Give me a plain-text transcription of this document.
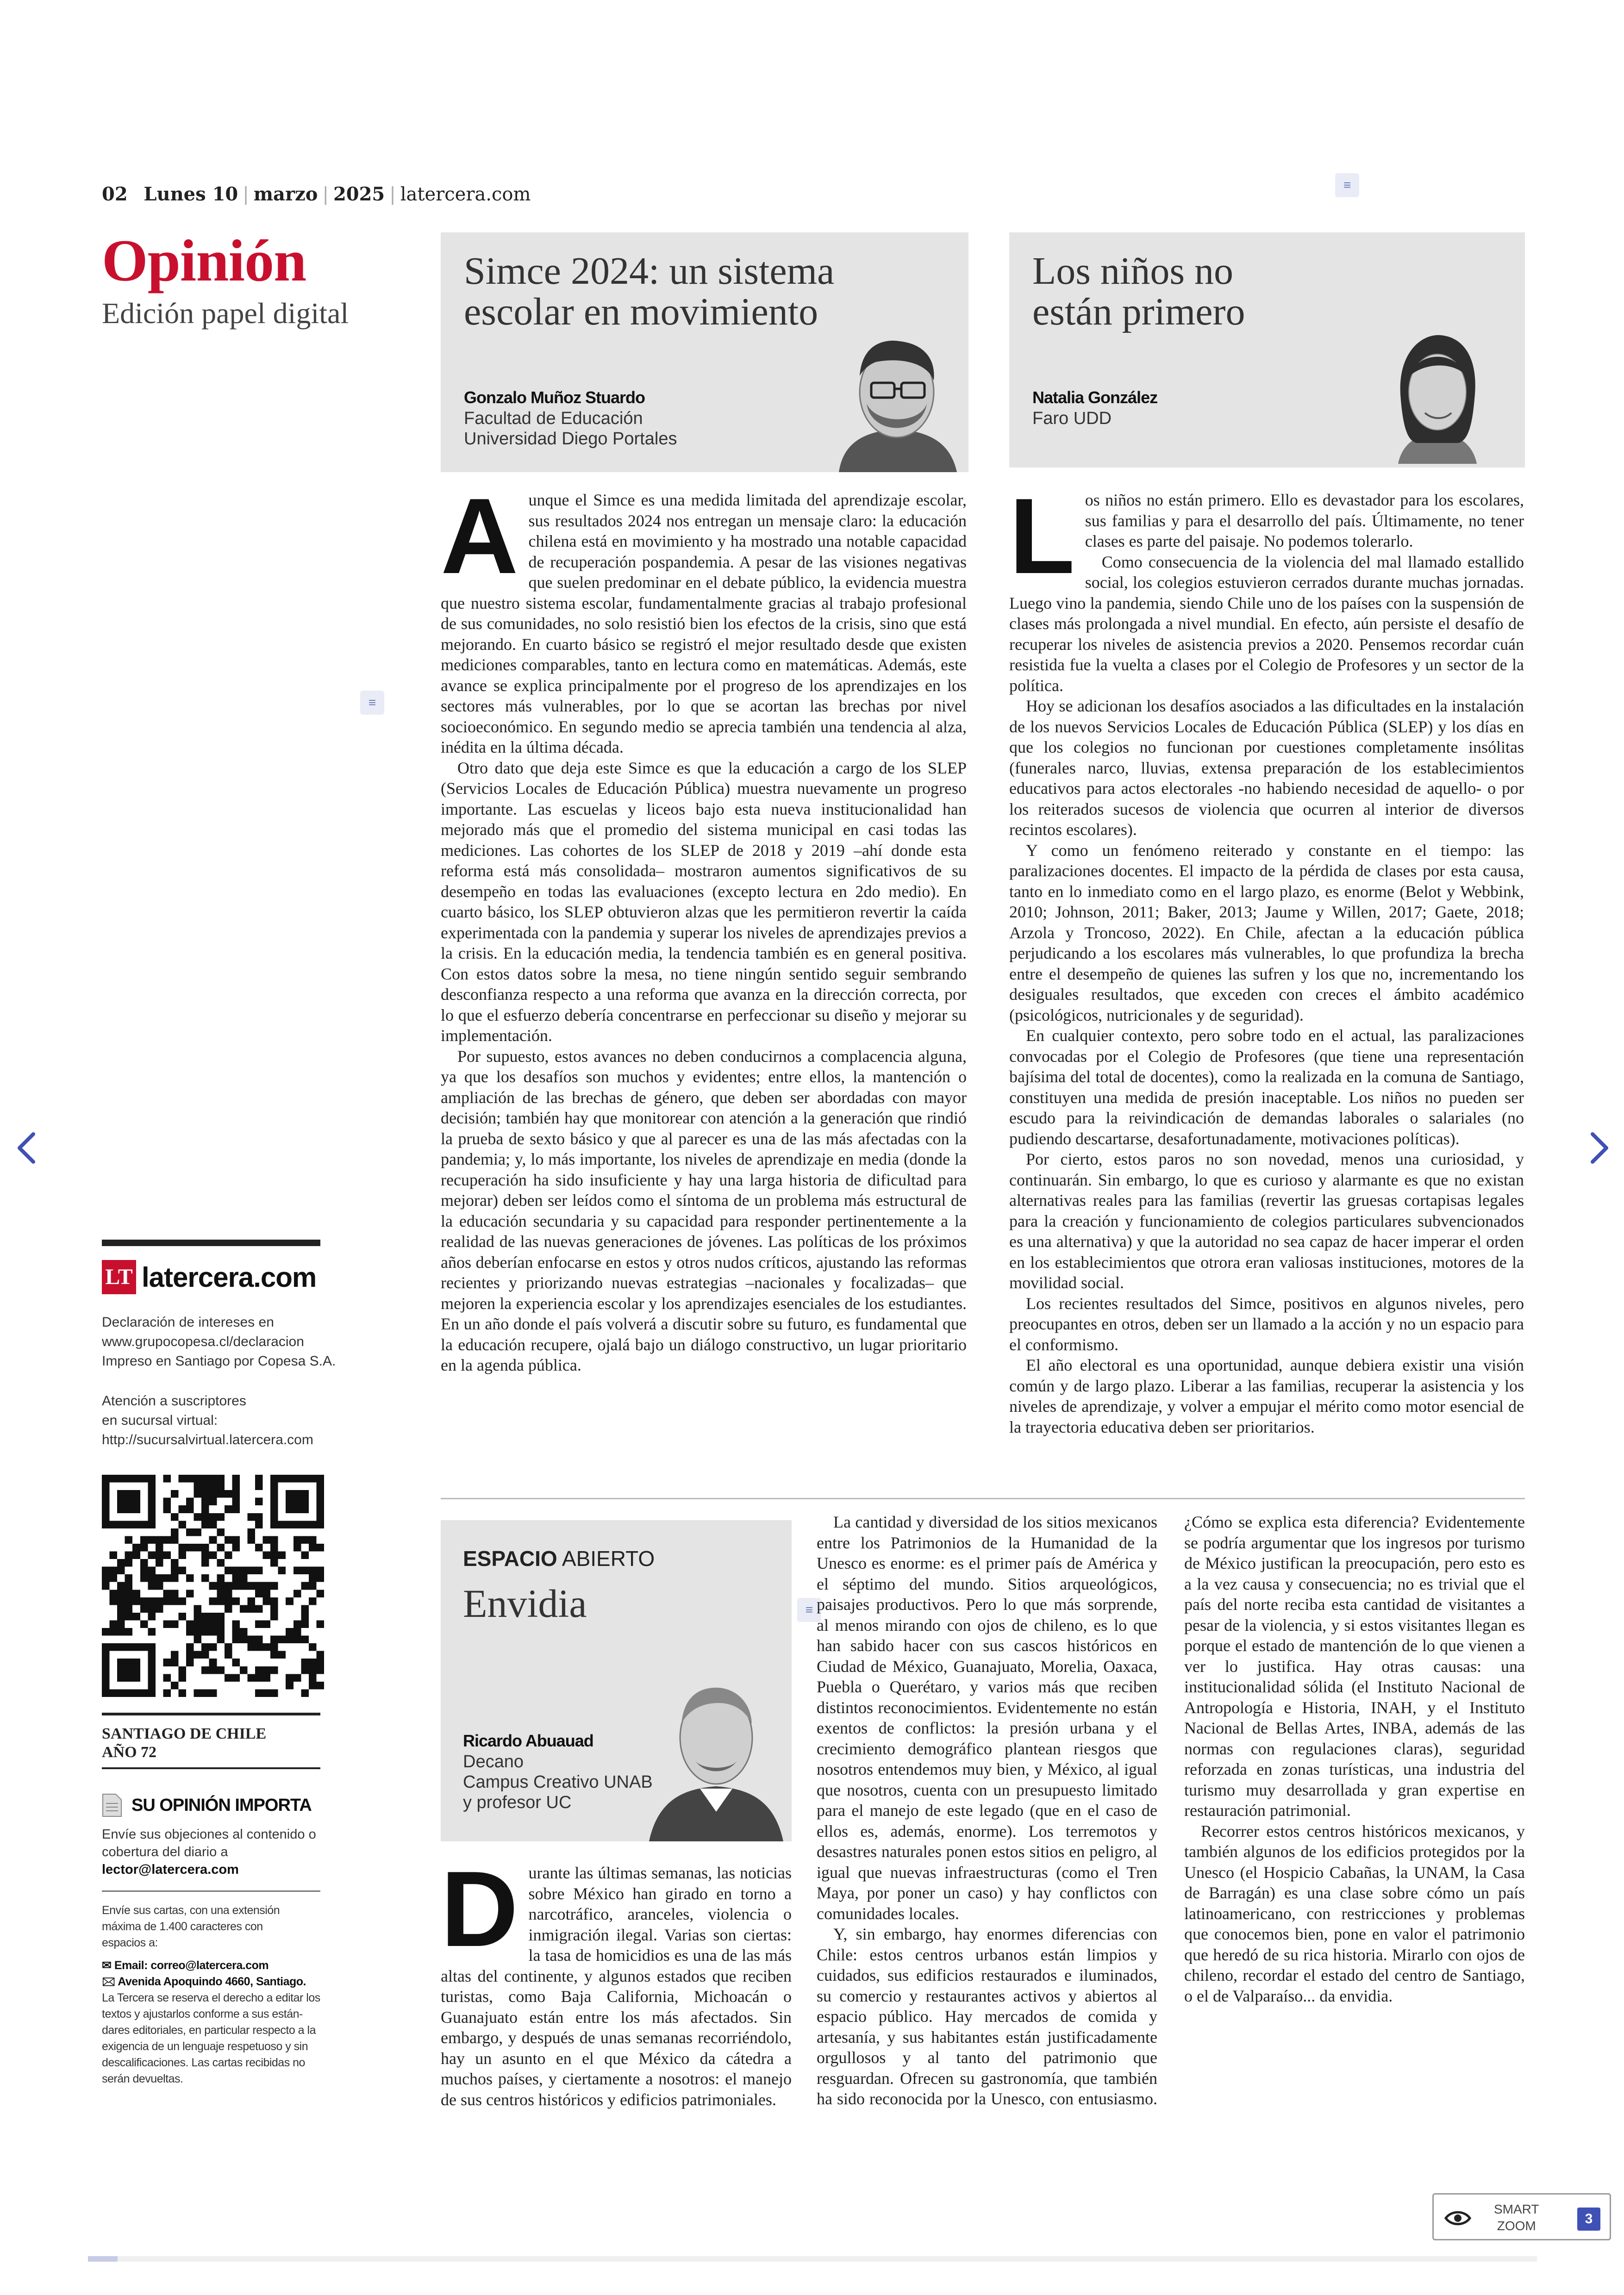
02 Lunes 10 | marzo | 2025 | latercera.com	≡
Opinión
Edición papel digital
Simce 2024: un sistema
escolar en movimiento
Gonzalo Muñoz Stuardo
Facultad de Educación
Universidad Diego Portales
Los niños no
están primero
Natalia González
Faro UDD

Aunque el Simce es una medida limitada del aprendizaje escolar, sus resultados 2024 nos entregan un mensaje claro: la educación chilena está en movimiento y ha mostrado una notable capacidad de recuperación pospandemia. A pesar de las visiones negativas que suelen predominar en el debate público, la evidencia muestra que nuestro sistema escolar, fundamentalmente gracias al trabajo profesional de sus comunidades, no solo resistió bien los efectos de la crisis, sino que está mejorando. En cuarto básico se registró el mejor resultado desde que existen mediciones comparables, tanto en lectura como en matemáticas. Además, este avance se explica principalmente por el progreso de los aprendizajes en los sectores más vulnerables, por lo que se acortan las brechas por nivel socioeconómico. En segundo medio se aprecia también una tendencia al alza, inédita en la última década.

Otro dato que deja este Simce es que la educación a cargo de los SLEP (Servicios Locales de Educación Pública) muestra nuevamente un progreso importante. Las escuelas y liceos bajo esta nueva institucionalidad han mejorado más que el promedio del sistema municipal en casi todas las mediciones. Las cohortes de los SLEP de 2018 y 2019 –ahí donde esta reforma está más consolidada– mostraron aumentos significativos de su desempeño en todas las evaluaciones (excepto lectura en 2do medio). En cuarto básico, los SLEP obtuvieron alzas que les permitieron revertir la caída experimentada con la pandemia y superar los niveles de aprendizajes previos a la crisis. En la educación media, la tendencia también es en general positiva. Con estos datos sobre la mesa, no tiene ningún sentido seguir sembrando desconfianza respecto a una reforma que avanza en la dirección correcta, por lo que el esfuerzo debería concentrarse en perfeccionar su diseño y mejorar su implementación.

Por supuesto, estos avances no deben conducirnos a complacencia alguna, ya que los desafíos son muchos y evidentes; entre ellos, la mantención o ampliación de las brechas de género, que deben ser abordadas con mayor decisión; también hay que monitorear con atención a la generación que rindió la prueba de sexto básico y que al parecer es una de las más afectadas con la pandemia; y, lo más importante, los niveles de aprendizaje en media (donde la recuperación ha sido insuficiente y hay una larga historia de dificultad para mejorar) deben ser leídos como el síntoma de un problema más estructural de la educación secundaria y su capacidad para responder pertinentemente a la realidad de las nuevas generaciones de jóvenes. Las políticas de los próximos años deberían enfocarse en estos y otros nudos críticos, ajustando las reformas recientes y priorizando nuevas estrategias –nacionales y focalizadas– que mejoren la experiencia escolar y los aprendizajes esenciales de los estudiantes. En un año donde el país volverá a discutir sobre su futuro, es fundamental que la educación recupere, ojalá bajo un diálogo constructivo, un lugar prioritario en la agenda pública.

≡

Los niños no están primero. Ello es devastador para los escolares, sus familias y para el desarrollo del país. Últimamente, no tener clases es parte del paisaje. No podemos tolerarlo.

Como consecuencia de la violencia del mal llamado estallido social, los colegios estuvieron cerrados durante muchas jornadas. Luego vino la pandemia, siendo Chile uno de los países con la suspensión de clases más prolongada a nivel mundial. En efecto, aún persiste el desafío de recuperar los niveles de asistencia previos a 2020. Pensemos recordar cuán resistida fue la vuelta a clases por el Colegio de Profesores y un sector de la política.

Hoy se adicionan los desafíos asociados a las dificultades en la instalación de los nuevos Servicios Locales de Educación Pública (SLEP) y los días en que los colegios no funcionan por cuestiones completamente insólitas (funerales narco, lluvias, extensa preparación de los establecimientos educativos para actos electorales -no habiendo necesidad de aquello- o por los reiterados sucesos de violencia que ocurren al interior de diversos recintos escolares).

Y como un fenómeno reiterado y constante en el tiempo: las paralizaciones docentes. El impacto de la pérdida de clases por esta causa, tanto en lo inmediato como en el largo plazo, es enorme (Belot y Webbink, 2010; Johnson, 2011; Baker, 2013; Jaume y Willen, 2017; Gaete, 2018; Arzola y Troncoso, 2022). En Chile, afectan a la educación pública perjudicando a los escolares más vulnerables, lo que profundiza la brecha entre el desempeño de quienes las sufren y los que no, incrementando los desiguales resultados, que exceden con creces el ámbito académico (psicológicos, nutricionales y de seguridad).

En cualquier contexto, pero sobre todo en el actual, las paralizaciones convocadas por el Colegio de Profesores (que tiene una representación bajísima del total de docentes), como la realizada en la comuna de Santiago, constituyen una medida de presión inaceptable. Los niños no pueden ser escudo para la reivindicación de demandas laborales o salariales (no pudiendo descartarse, desafortunadamente, motivaciones políticas).

Por cierto, estos paros no son novedad, menos una curiosidad, y continuarán. Sin embargo, lo que es curioso y alarmante es que no existan alternativas reales para las familias (revertir las gruesas cortapisas legales para la creación y funcionamiento de colegios particulares subvencionados es una alternativa) y que la autoridad no sea capaz de hacer imperar el orden en los establecimientos que otrora eran valiosas instituciones, motores de la movilidad social.

Los recientes resultados del Simce, positivos en algunos niveles, pero preocupantes en otros, deben ser un llamado a la acción y no un espacio para el conformismo.

El año electoral es una oportunidad, aunque debiera existir una visión común y de largo plazo. Liberar a las familias, recuperar la asistencia y los niveles de aprendizaje, y volver a empujar el mérito como motor esencial de la trayectoria educativa deben ser prioritarios.

ESPACIO ABIERTO
Envidia
Ricardo Abuauad
Decano
Campus Creativo UNAB
y profesor UC
≡

Durante las últimas semanas, las noticias sobre México han girado en torno a narcotráfico, aranceles, violencia o inmigración ilegal. Varias son ciertas: la tasa de homicidios es una de las más altas del continente, y algunos estados que reciben turistas, como Baja California, Michoacán o Guanajuato están entre los más afectados. Sin embargo, y después de unas semanas recorriéndolo, hay un asunto en el que México da cátedra a muchos países, y ciertamente a nosotros: el manejo de sus centros históricos y edificios patrimoniales.

La cantidad y diversidad de los sitios mexicanos entre los Patrimonios de la Humanidad de la Unesco es enorme: es el primer país de América y el séptimo del mundo. Sitios arqueológicos, paisajes productivos. Pero lo que más sorprende, al menos mirando con ojos de chileno, es lo que han sabido hacer con sus cascos históricos en Ciudad de México, Guanajuato, Morelia, Oaxaca, Puebla o Querétaro, y varios más que reciben distintos reconocimientos. Evidentemente no están exentos de conflictos: la presión urbana y el crecimiento demográfico plantean riesgos que nosotros entendemos muy bien, y México, al igual que nosotros, cuenta con un presupuesto limitado para el manejo de este legado (que en el caso de ellos es, además, enorme). Los terremotos y desastres naturales ponen estos sitios en peligro, al igual que nuevas infraestructuras (como el Tren Maya, por poner un caso) y hay conflictos con comunidades locales.

Y, sin embargo, hay enormes diferencias con Chile: estos centros urbanos están limpios y cuidados, sus edificios restaurados e iluminados, su comercio y restaurantes activos y abiertos al espacio público. Hay mercados de comida y artesanía, y sus habitantes están justificadamente orgullosos y al tanto del patrimonio que resguardan. Ofrecen su gastronomía, que también ha sido reconocida por la Unesco, con entusiasmo. ¿Cómo se explica esta diferencia? Evidentemente se podría argumentar que los ingresos por turismo de México justifican la preocupación, pero esto es a la vez causa y consecuencia; no es trivial que el país del norte reciba esta cantidad de visitantes a pesar de la violencia, y si estos visitantes llegan es porque el estado de mantención de lo que vienen a ver lo justifica. Hay otras causas: una institucionalidad sólida (el Instituto Nacional de Antropología e Historia, INAH, y el Instituto Nacional de Bellas Artes, INBA, además de las normas con regulaciones claras), seguridad reforzada en zonas turísticas, una industria del turismo muy desarrollada y gran expertise en restauración patrimonial.

Recorrer estos centros históricos mexicanos, y también algunos de los edificios protegidos por la Unesco (el Hospicio Cabañas, la UNAM, la Casa de Barragán) es una clase sobre cómo un país latinoamericano, con restricciones y problemas que conocemos bien, pone en valor el patrimonio que heredó de su rica historia. Mirarlo con ojos de chileno, recordar el estado del centro de Santiago, o el de Valparaíso... da envidia.

LT latercera.com
Declaración de intereses en
www.grupocopesa.cl/declaracion
Impreso en Santiago por Copesa S.A.
Atención a suscriptores
en sucursal virtual:
http://sucursalvirtual.latercera.com
SANTIAGO DE CHILE
AÑO 72
SU OPINIÓN IMPORTA
Envíe sus objeciones al contenido o
cobertura del diario a
lector@latercera.com
Envíe sus cartas, con una extensión
máxima de 1.400 caracteres con
espacios a:
✉ Email: correo@latercera.com
🖂 Avenida Apoquindo 4660, Santiago.
La Tercera se reserva el derecho a editar los
textos y ajustarlos conforme a sus están-
dares editoriales, en particular respecto a la
exigencia de un lenguaje respetuoso y sin
descalificaciones. Las cartas recibidas no
serán devueltas.
SMART
ZOOM	3
